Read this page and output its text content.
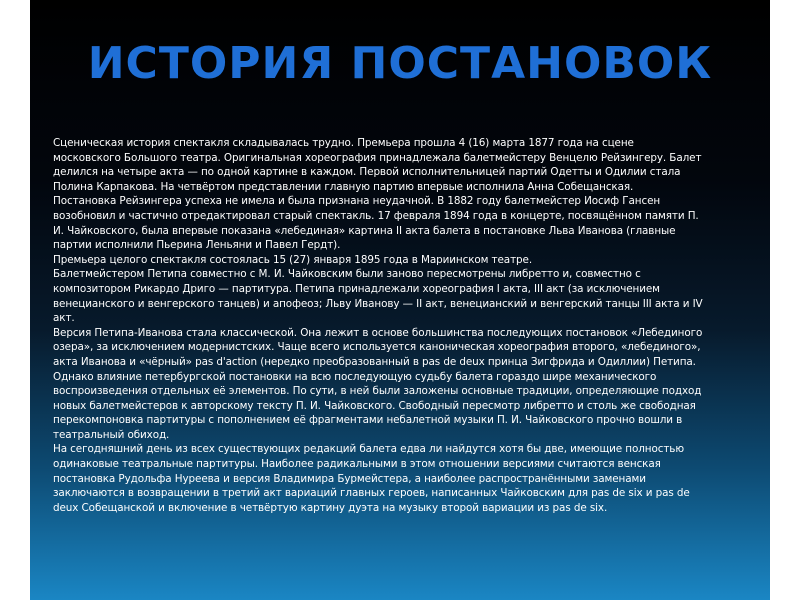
ИСТОРИЯ ПОСТАНОВОК

Сценическая история спектакля складывалась трудно. Премьера прошла 4 (16) марта 1877 года на сцене московского Большого театра. Оригинальная хореография принадлежала балетмейстеру Венцелю Рейзингеру. Балет делился на четыре акта — по одной картине в каждом. Первой исполнительницей партий Одетты и Одилии стала Полина Карпакова. На четвёртом представлении главную партию впервые исполнила Анна Собещанская.

Постановка Рейзингера успеха не имела и была признана неудачной. В 1882 году балетмейстер Иосиф Гансен возобновил и частично отредактировал старый спектакль. 17 февраля 1894 года в концерте, посвящённом памяти П. И. Чайковского, была впервые показана «лебединая» картина II акта балета в постановке Льва Иванова (главные партии исполнили Пьерина Леньяни и Павел Гердт).

Премьера целого спектакля состоялась 15 (27) января 1895 года в Мариинском театре.

Балетмейстером Петипа совместно с М. И. Чайковским были заново пересмотрены либретто и, совместно с композитором Рикардо Дриго — партитура. Петипа принадлежали хореография I акта, III акт (за исключением венецианского и венгерского танцев) и апофеоз; Льву Иванову — II акт, венецианский и венгерский танцы III акта и IV акт.

Версия Петипа-Иванова стала классической. Она лежит в основе большинства последующих постановок «Лебединого озера», за исключением модернистских. Чаще всего используется каноническая хореография второго, «лебединого», акта Иванова и «чёрный» pas d'action (нередко преобразованный в pas de deux принца Зигфрида и Одиллии) Петипа. Однако влияние петербургской постановки на всю последующую судьбу балета гораздо шире механического воспроизведения отдельных её элементов. По сути, в ней были заложены основные традиции, определяющие подход новых балетмейстеров к авторскому тексту П. И. Чайковского. Свободный пересмотр либретто и столь же свободная перекомпоновка партитуры с пополнением её фрагментами небалетной музыки П. И. Чайковского прочно вошли в театральный обиход.

На сегодняшний день из всех существующих редакций балета едва ли найдутся хотя бы две, имеющие полностью одинаковые театральные партитуры. Наиболее радикальными в этом отношении версиями считаются венская постановка Рудольфа Нуреева и версия Владимира Бурмейстера, а наиболее распространёнными заменами заключаются в возвращении в третий акт вариаций главных героев, написанных Чайковским для pas de six и pas de deux Собещанской и включение в четвёртую картину дуэта на музыку второй вариации из pas de six.
